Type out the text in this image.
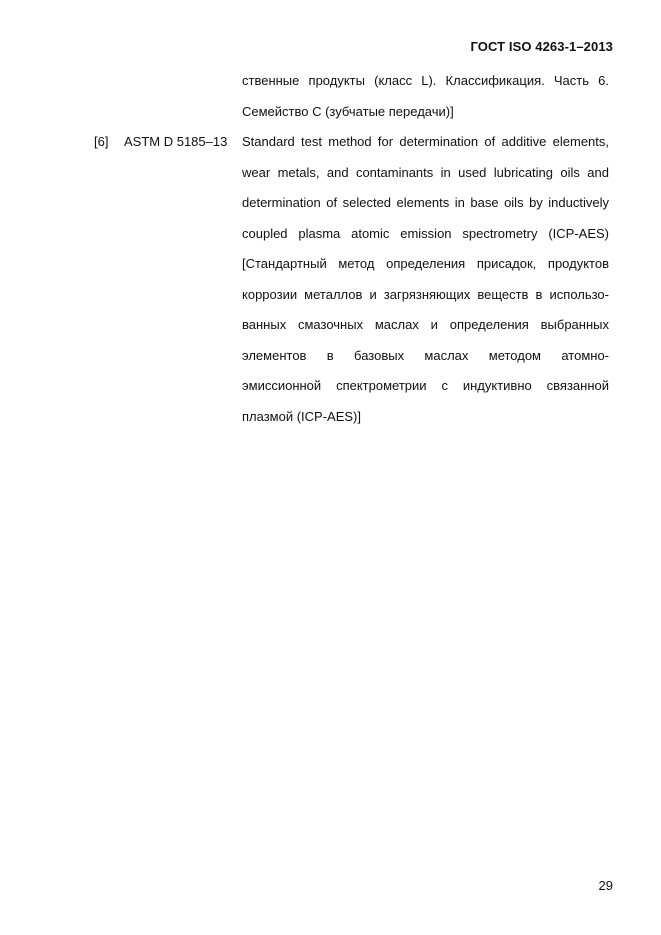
ГОСТ ISO 4263-1–2013
ственные продукты (класс L). Классификация. Часть 6.
Семейство С (зубчатые передачи)]
[6] ASTM D 5185–13 Standard test method for determination of additive elements,
wear metals, and contaminants in used lubricating oils and
determination of selected elements in base oils by inductively
coupled plasma atomic emission spectrometry (ICP-AES)
[Стандартный метод определения присадок, продуктов
коррозии металлов и загрязняющих веществ в использо-
ванных смазочных маслах и определения выбранных
элементов в базовых маслах методом атомно-
эмиссионной спектрометрии с индуктивно связанной
плазмой (ICP-AES)]
29
